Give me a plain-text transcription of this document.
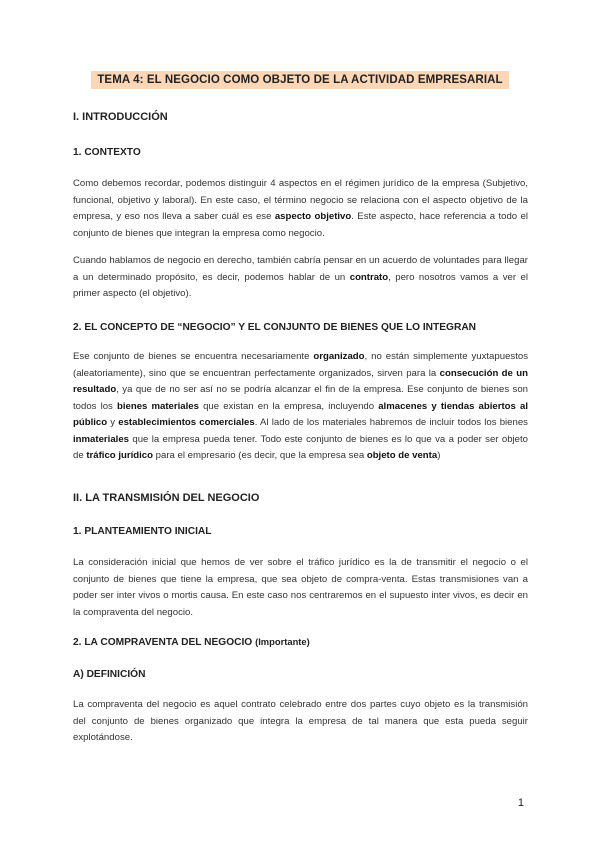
TEMA 4: EL NEGOCIO COMO OBJETO DE LA ACTIVIDAD EMPRESARIAL
I. INTRODUCCIÓN
1. CONTEXTO
Como debemos recordar, podemos distinguir 4 aspectos en el régimen jurídico de la empresa (Subjetivo, funcional, objetivo y laboral). En este caso, el término negocio se relaciona con el aspecto objetivo de la empresa, y eso nos lleva a saber cuál es ese aspecto objetivo. Este aspecto, hace referencia a todo el conjunto de bienes que integran la empresa como negocio.
Cuando hablamos de negocio en derecho, también cabría pensar en un acuerdo de voluntades para llegar a un determinado propósito, es decir, podemos hablar de un contrato, pero nosotros vamos a ver el primer aspecto (el objetivo).
2. EL CONCEPTO DE “NEGOCIO” Y EL CONJUNTO DE BIENES QUE LO INTEGRAN
Ese conjunto de bienes se encuentra necesariamente organizado, no están simplemente yuxtapuestos (aleatoriamente), sino que se encuentran perfectamente organizados, sirven para la consecución de un resultado, ya que de no ser así no se podría alcanzar el fin de la empresa. Ese conjunto de bienes son todos los bienes materiales que existan en la empresa, incluyendo almacenes y tiendas abiertos al público y establecimientos comerciales. Al lado de los materiales habremos de incluir todos los bienes inmateriales que la empresa pueda tener. Todo este conjunto de bienes es lo que va a poder ser objeto de tráfico jurídico para el empresario (es decir, que la empresa sea objeto de venta)
II. LA TRANSMISIÓN DEL NEGOCIO
1. PLANTEAMIENTO INICIAL
La consideración inicial que hemos de ver sobre el tráfico jurídico es la de transmitir el negocio o el conjunto de bienes que tiene la empresa, que sea objeto de compra-venta. Estas transmisiones van a poder ser inter vivos o mortis causa. En este caso nos centraremos en el supuesto inter vivos, es decir en la compraventa del negocio.
2. LA COMPRAVENTA DEL NEGOCIO (Importante)
A) DEFINICIÓN
La compraventa del negocio es aquel contrato celebrado entre dos partes cuyo objeto es la transmisión del conjunto de bienes organizado que integra la empresa de tal manera que esta pueda seguir explotándose.
1
